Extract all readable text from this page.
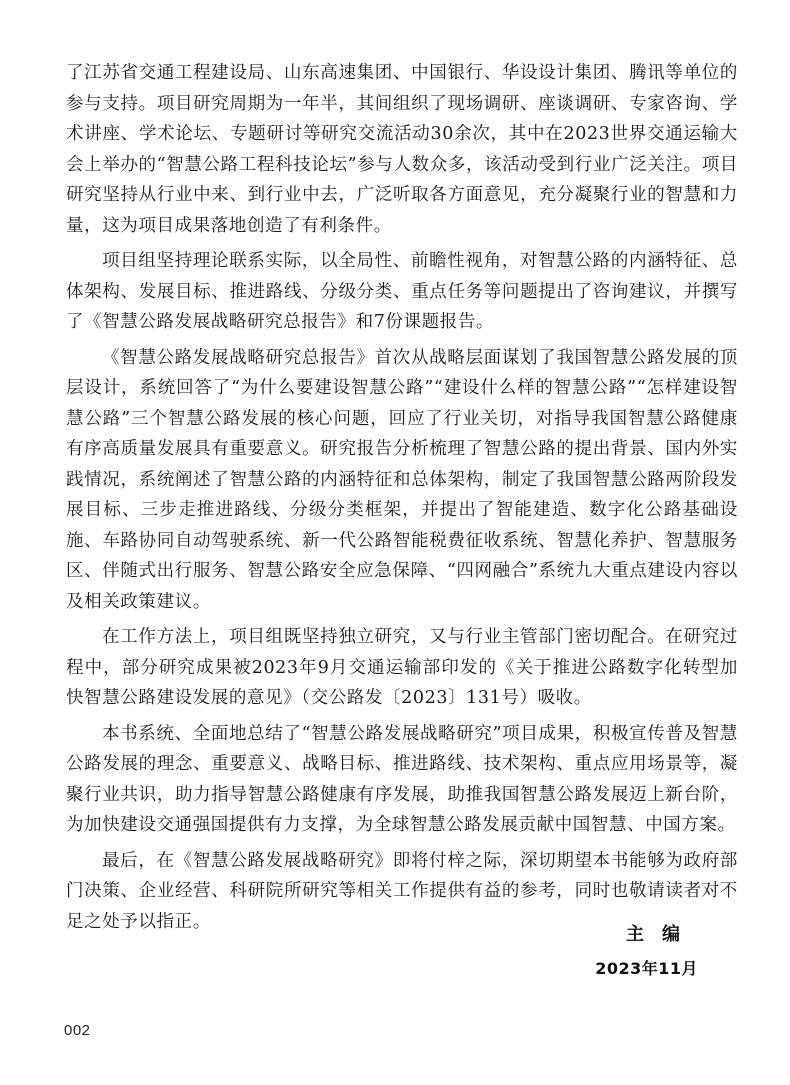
了江苏省交通工程建设局、山东高速集团、中国银行、华设设计集团、腾讯等单位的参与支持。项目研究周期为一年半，其间组织了现场调研、座谈调研、专家咨询、学术讲座、学术论坛、专题研讨等研究交流活动30余次，其中在2023世界交通运输大会上举办的“智慧公路工程科技论坛”参与人数众多，该活动受到行业广泛关注。项目研究坚持从行业中来、到行业中去，广泛听取各方面意见，充分凝聚行业的智慧和力量，这为项目成果落地创造了有利条件。

项目组坚持理论联系实际，以全局性、前瞻性视角，对智慧公路的内涵特征、总体架构、发展目标、推进路线、分级分类、重点任务等问题提出了咨询建议，并撰写了《智慧公路发展战略研究总报告》和7份课题报告。

《智慧公路发展战略研究总报告》首次从战略层面谋划了我国智慧公路发展的顶层设计，系统回答了“为什么要建设智慧公路”“建设什么样的智慧公路”“怎样建设智慧公路”三个智慧公路发展的核心问题，回应了行业关切，对指导我国智慧公路健康有序高质量发展具有重要意义。研究报告分析梳理了智慧公路的提出背景、国内外实践情况，系统阐述了智慧公路的内涵特征和总体架构，制定了我国智慧公路两阶段发展目标、三步走推进路线、分级分类框架，并提出了智能建造、数字化公路基础设施、车路协同自动驾驶系统、新一代公路智能税费征收系统、智慧化养护、智慧服务区、伴随式出行服务、智慧公路安全应急保障、“四网融合”系统九大重点建设内容以及相关政策建议。

在工作方法上，项目组既坚持独立研究，又与行业主管部门密切配合。在研究过程中，部分研究成果被2023年9月交通运输部印发的《关于推进公路数字化转型加快智慧公路建设发展的意见》（交公路发〔2023〕131号）吸收。

本书系统、全面地总结了“智慧公路发展战略研究”项目成果，积极宣传普及智慧公路发展的理念、重要意义、战略目标、推进路线、技术架构、重点应用场景等，凝聚行业共识，助力指导智慧公路健康有序发展，助推我国智慧公路发展迈上新台阶，为加快建设交通强国提供有力支撑，为全球智慧公路发展贡献中国智慧、中国方案。

最后，在《智慧公路发展战略研究》即将付梓之际，深切期望本书能够为政府部门决策、企业经营、科研院所研究等相关工作提供有益的参考，同时也敬请读者对不足之处予以指正。

主编
2023年11月
002
